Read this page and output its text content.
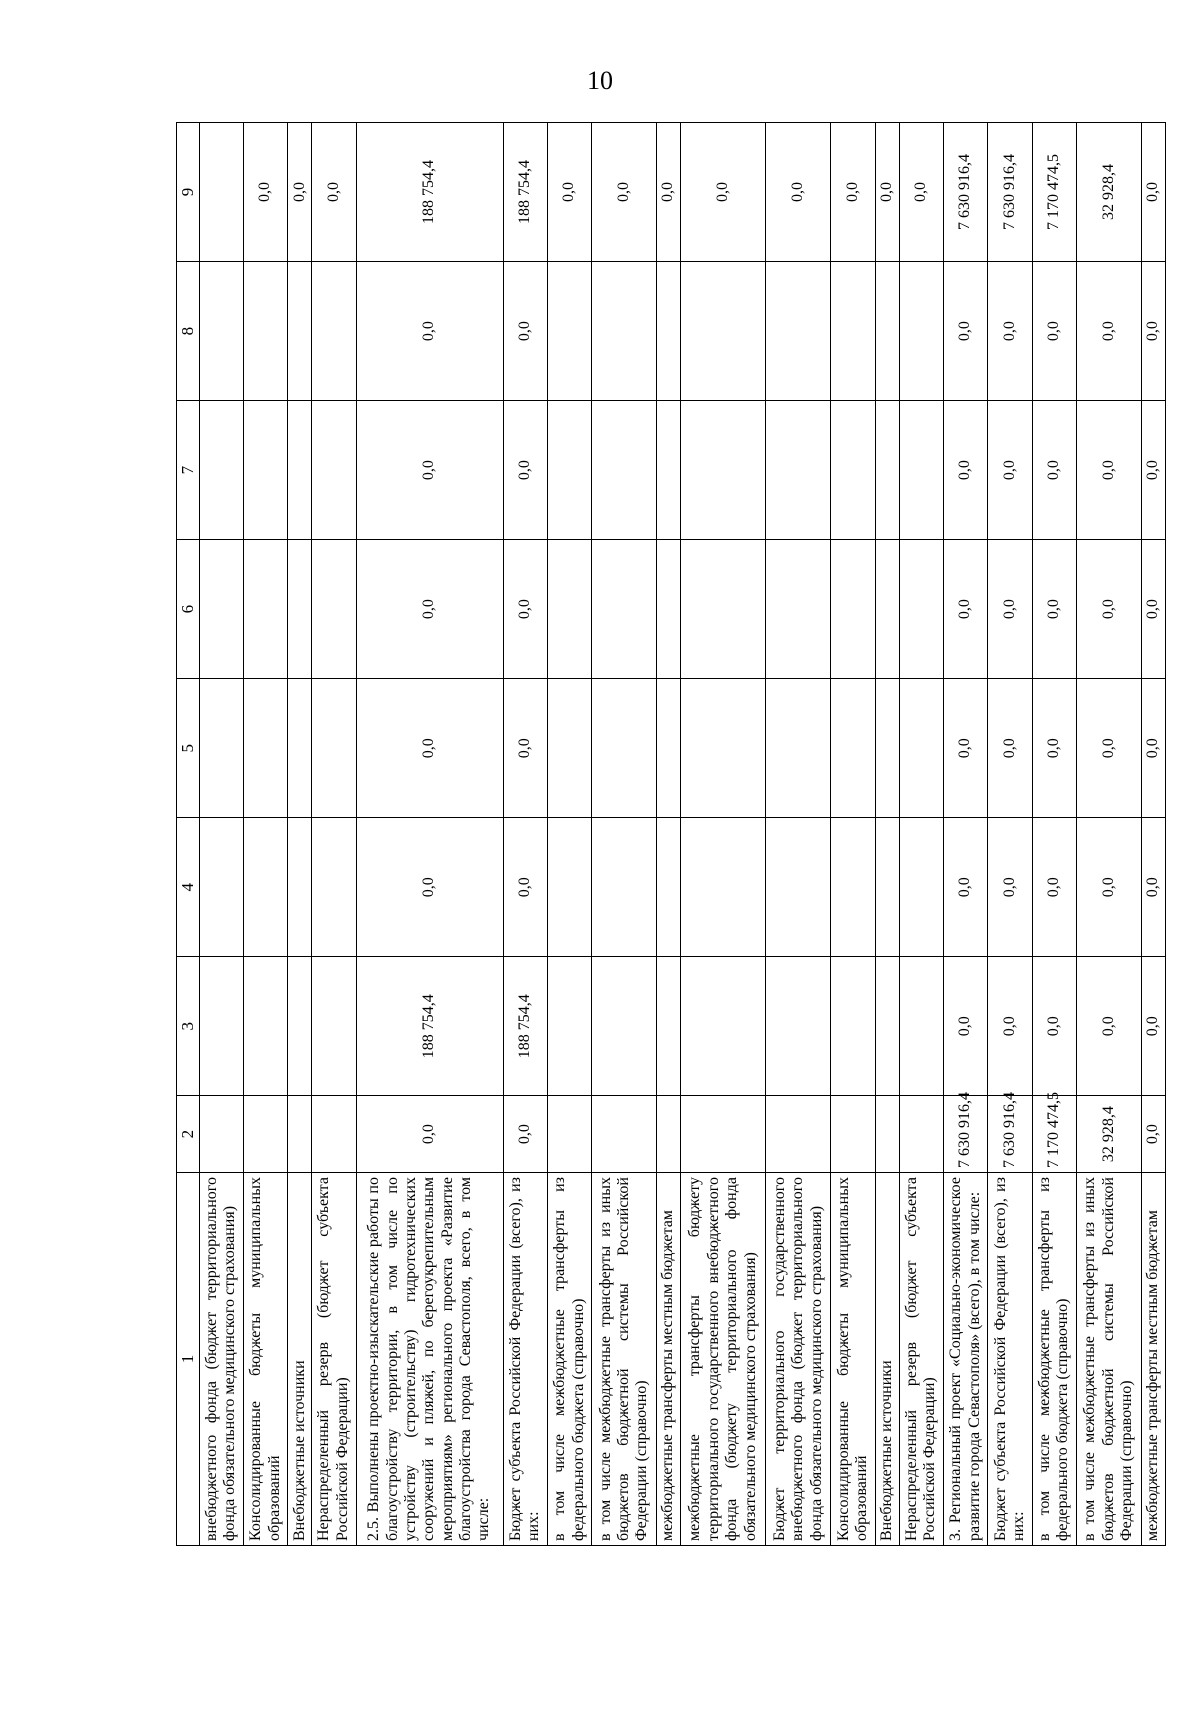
10
1	2	3	4	5	6	7	8	9
внебюджетного фонда (бюджет территориального фонда обязательного медицинского страхования)								
Консолидированные бюджеты муниципальных образований								0,0
Внебюджетные источники								0,0
Нераспределенный резерв (бюджет субъекта Российской Федерации)								0,0
2.5. Выполнены проектно-изыскательские работы по благоустройству территории, в том числе по устройству (строительству) гидротехнических сооружений и пляжей, по берегоукрепительным мероприятиям» регионального проекта «Развитие благоустройства города Севастополя, всего, в том числе:	0,0	188 754,4	0,0	0,0	0,0	0,0	0,0	188 754,4
Бюджет субъекта Российской Федерации (всего), из них:	0,0	188 754,4	0,0	0,0	0,0	0,0	0,0	188 754,4
в том числе межбюджетные трансферты из федерального бюджета (справочно)								0,0
в том числе межбюджетные трансферты из иных бюджетов бюджетной системы Российской Федерации (справочно)								0,0
межбюджетные трансферты местным бюджетам								0,0
межбюджетные трансферты бюджету территориального государственного внебюджетного фонда (бюджету территориального фонда обязательного медицинского страхования)								0,0
Бюджет территориального государственного внебюджетного фонда (бюджет территориального фонда обязательного медицинского страхования)								0,0
Консолидированные бюджеты муниципальных образований								0,0
Внебюджетные источники								0,0
Нераспределенный резерв (бюджет субъекта Российской Федерации)								0,0
3. Региональный проект «Социально-экономическое развитие города Севастополя» (всего), в том числе:	7 630 916,4	0,0	0,0	0,0	0,0	0,0	0,0	7 630 916,4
Бюджет субъекта Российской Федерации (всего), из них:	7 630 916,4	0,0	0,0	0,0	0,0	0,0	0,0	7 630 916,4
в том числе межбюджетные трансферты из федерального бюджета (справочно)	7 170 474,5	0,0	0,0	0,0	0,0	0,0	0,0	7 170 474,5
в том числе межбюджетные трансферты из иных бюджетов бюджетной системы Российской Федерации (справочно)	32 928,4	0,0	0,0	0,0	0,0	0,0	0,0	32 928,4
межбюджетные трансферты местным бюджетам	0,0	0,0	0,0	0,0	0,0	0,0	0,0	0,0
